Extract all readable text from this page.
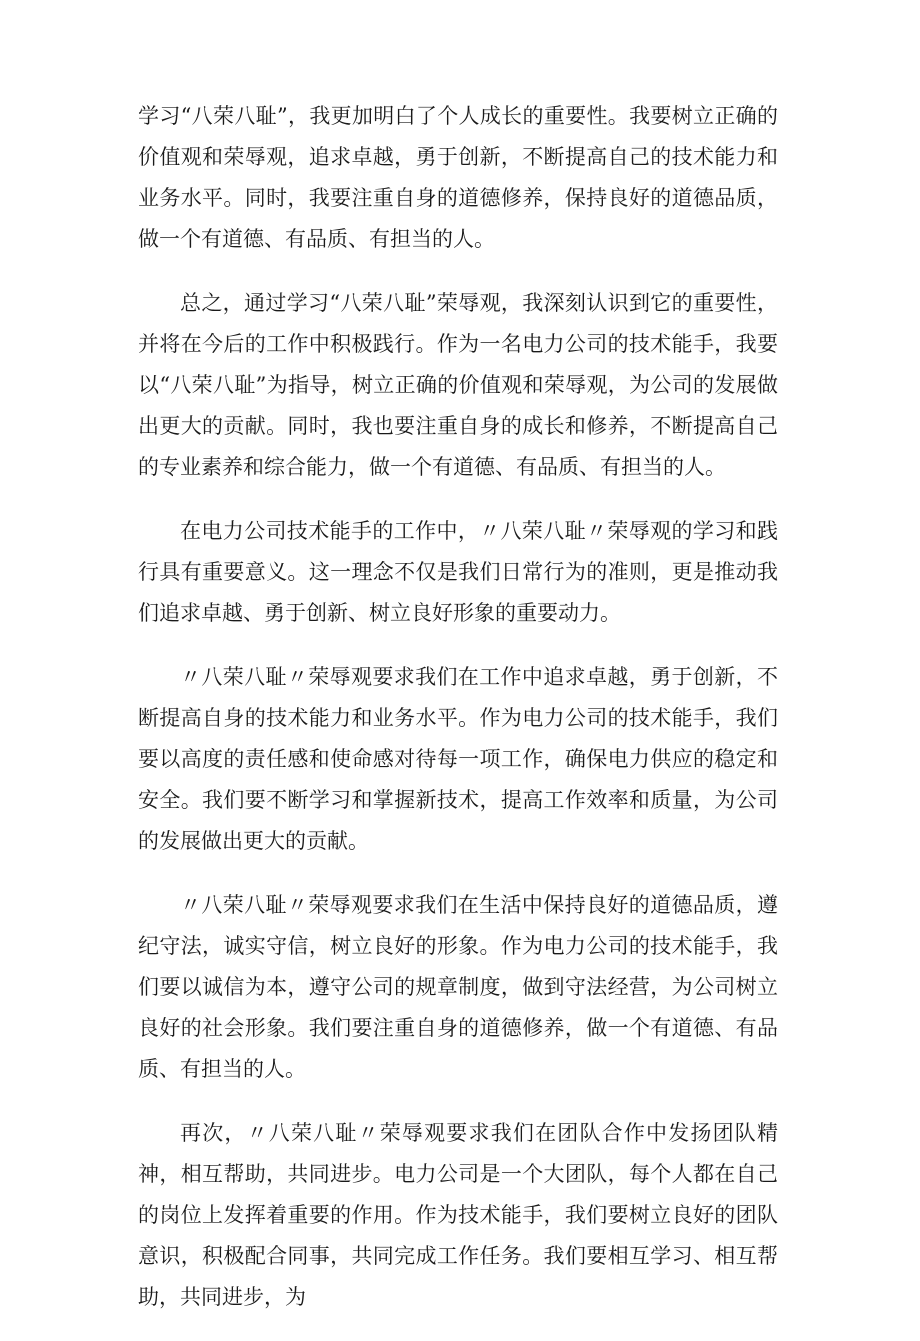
学习“八荣八耻”，我更加明白了个人成长的重要性。我要树立正确的价值观和荣辱观，追求卓越，勇于创新，不断提高自己的技术能力和业务水平。同时，我要注重自身的道德修养，保持良好的道德品质，做一个有道德、有品质、有担当的人。

总之，通过学习“八荣八耻”荣辱观，我深刻认识到它的重要性，并将在今后的工作中积极践行。作为一名电力公司的技术能手，我要以“八荣八耻”为指导，树立正确的价值观和荣辱观，为公司的发展做出更大的贡献。同时，我也要注重自身的成长和修养，不断提高自己的专业素养和综合能力，做一个有道德、有品质、有担当的人。

在电力公司技术能手的工作中，〃八荣八耻〃荣辱观的学习和践行具有重要意义。这一理念不仅是我们日常行为的准则，更是推动我们追求卓越、勇于创新、树立良好形象的重要动力。

〃八荣八耻〃荣辱观要求我们在工作中追求卓越，勇于创新，不断提高自身的技术能力和业务水平。作为电力公司的技术能手，我们要以高度的责任感和使命感对待每一项工作，确保电力供应的稳定和安全。我们要不断学习和掌握新技术，提高工作效率和质量，为公司的发展做出更大的贡献。

〃八荣八耻〃荣辱观要求我们在生活中保持良好的道德品质，遵纪守法，诚实守信，树立良好的形象。作为电力公司的技术能手，我们要以诚信为本，遵守公司的规章制度，做到守法经营，为公司树立良好的社会形象。我们要注重自身的道德修养，做一个有道德、有品质、有担当的人。

再次，〃八荣八耻〃荣辱观要求我们在团队合作中发扬团队精神，相互帮助，共同进步。电力公司是一个大团队，每个人都在自己的岗位上发挥着重要的作用。作为技术能手，我们要树立良好的团队意识，积极配合同事，共同完成工作任务。我们要相互学习、相互帮助，共同进步，为
